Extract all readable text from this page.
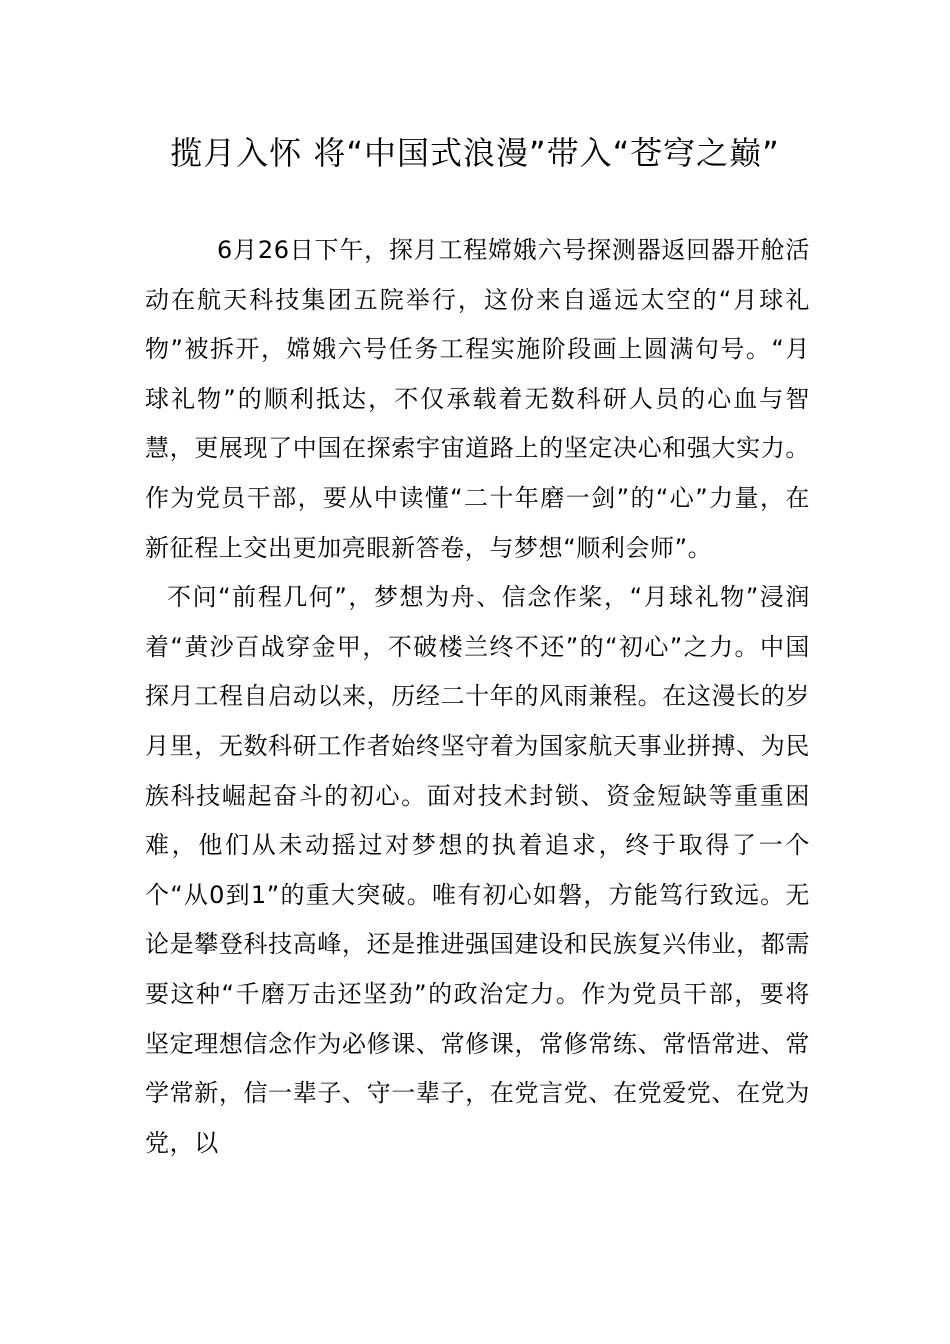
揽月入怀 将“中国式浪漫”带入“苍穹之巅”

6月26日下午，探月工程嫦娥六号探测器返回器开舱活动在航天科技集团五院举行，这份来自遥远太空的“月球礼物”被拆开，嫦娥六号任务工程实施阶段画上圆满句号。“月球礼物”的顺利抵达，不仅承载着无数科研人员的心血与智慧，更展现了中国在探索宇宙道路上的坚定决心和强大实力。作为党员干部，要从中读懂“二十年磨一剑”的“心”力量，在新征程上交出更加亮眼新答卷，与梦想“顺利会师”。

不问“前程几何”，梦想为舟、信念作桨，“月球礼物”浸润着“黄沙百战穿金甲，不破楼兰终不还”的“初心”之力。中国探月工程自启动以来，历经二十年的风雨兼程。在这漫长的岁月里，无数科研工作者始终坚守着为国家航天事业拼搏、为民族科技崛起奋斗的初心。面对技术封锁、资金短缺等重重困难，他们从未动摇过对梦想的执着追求，终于取得了一个个“从0到1”的重大突破。唯有初心如磐，方能笃行致远。无论是攀登科技高峰，还是推进强国建设和民族复兴伟业，都需要这种“千磨万击还坚劲”的政治定力。作为党员干部，要将坚定理想信念作为必修课、常修课，常修常练、常悟常进、常学常新，信一辈子、守一辈子，在党言党、在党爱党、在党为党，以
